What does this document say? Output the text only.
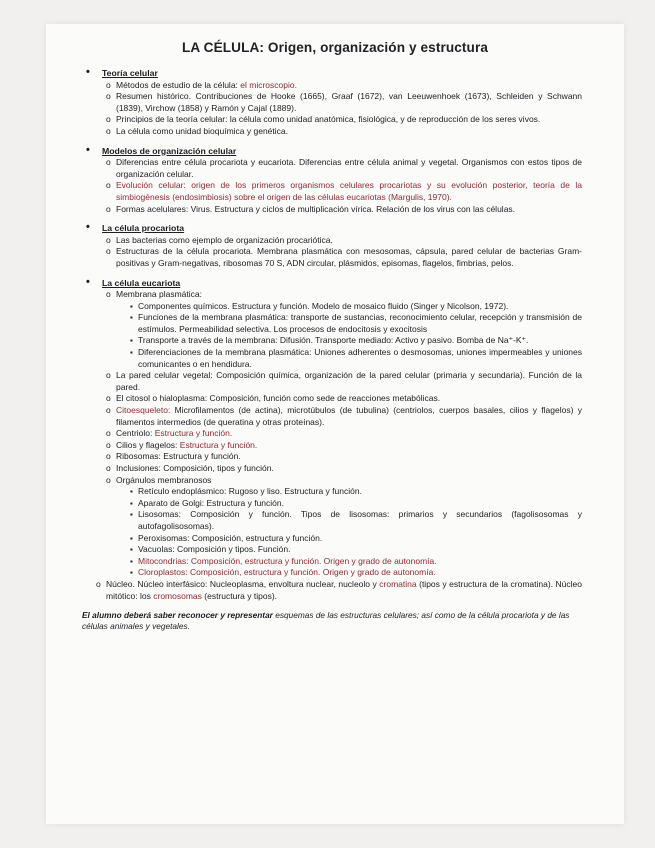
LA CÉLULA: Origen, organización y estructura
• Teoría celular
o Métodos de estudio de la célula: el microscopio.
o Resumen histórico. Contribuciones de Hooke (1665), Graaf (1672), van Leeuwenhoek (1673), Schleiden y Schwann (1839), Virchow (1858) y Ramón y Cajal (1889).
o Principios de la teoría celular: la célula como unidad anatómica, fisiológica, y de reproducción de los seres vivos.
o La célula como unidad bioquímica y genética.
• Modelos de organización celular
o Diferencias entre célula procariota y eucariota. Diferencias entre célula animal y vegetal. Organismos con estos tipos de organización celular.
o Evolución celular: origen de los primeros organismos celulares procariotas y su evolución posterior, teoría de la simbiogénesis (endosimbiosis) sobre el origen de las células eucariotas (Margulis, 1970).
o Formas acelulares: Virus. Estructura y ciclos de multiplicación vírica. Relación de los virus con las células.
• La célula procariota
o Las bacterias como ejemplo de organización procariótica.
o Estructuras de la célula procariota. Membrana plasmática con mesosomas, cápsula, pared celular de bacterias Gram-positivas y Gram-negativas, ribosomas 70 S, ADN circular, plásmidos, episomas, flagelos, fimbrias, pelos.
• La célula eucariota
o Membrana plasmática:
▪ Componentes químicos. Estructura y función. Modelo de mosaico fluido (Singer y Nicolson, 1972).
▪ Funciones de la membrana plasmática: transporte de sustancias, reconocimiento celular, recepción y transmisión de estímulos. Permeabilidad selectiva. Los procesos de endocitosis y exocitosis
▪ Transporte a través de la membrana: Difusión. Transporte mediado: Activo y pasivo. Bomba de Na⁺-K⁺.
▪ Diferenciaciones de la membrana plasmática: Uniones adherentes o desmosomas, uniones impermeables y uniones comunicantes o en hendidura.
o La pared celular vegetal: Composición química, organización de la pared celular (primaria y secundaria). Función de la pared.
o El citosol o hialoplasma: Composición, función como sede de reacciones metabólicas.
o Citoesqueleto: Microfilamentos (de actina), microtúbulos (de tubulina) (centriolos, cuerpos basales, cilios y flagelos) y filamentos intermedios (de queratina y otras proteínas).
o Centriolo: Estructura y función.
o Cilios y flagelos: Estructura y función.
o Ribosomas: Estructura y función.
o Inclusiones: Composición, tipos y función.
o Orgánulos membranosos
▪ Retículo endoplásmico: Rugoso y liso. Estructura y función.
▪ Aparato de Golgi: Estructura y función.
▪ Lisosomas: Composición y función. Tipos de lisosomas: primarios y secundarios (fagolisosomas y autofagolisosomas).
▪ Peroxisomas: Composición, estructura y función.
▪ Vacuolas: Composición y tipos. Función.
▪ Mitocondrias: Composición, estructura y función. Origen y grado de autonomía.
▪ Cloroplastos: Composición, estructura y función. Origen y grado de autonomía.
o Núcleo. Núcleo interfásico: Nucleoplasma, envoltura nuclear, nucleolo y cromatina (tipos y estructura de la cromatina). Núcleo mitótico: los cromosomas (estructura y tipos).
El alumno deberá saber reconocer y representar esquemas de las estructuras celulares; así como de la célula procariota y de las células animales y vegetales.
